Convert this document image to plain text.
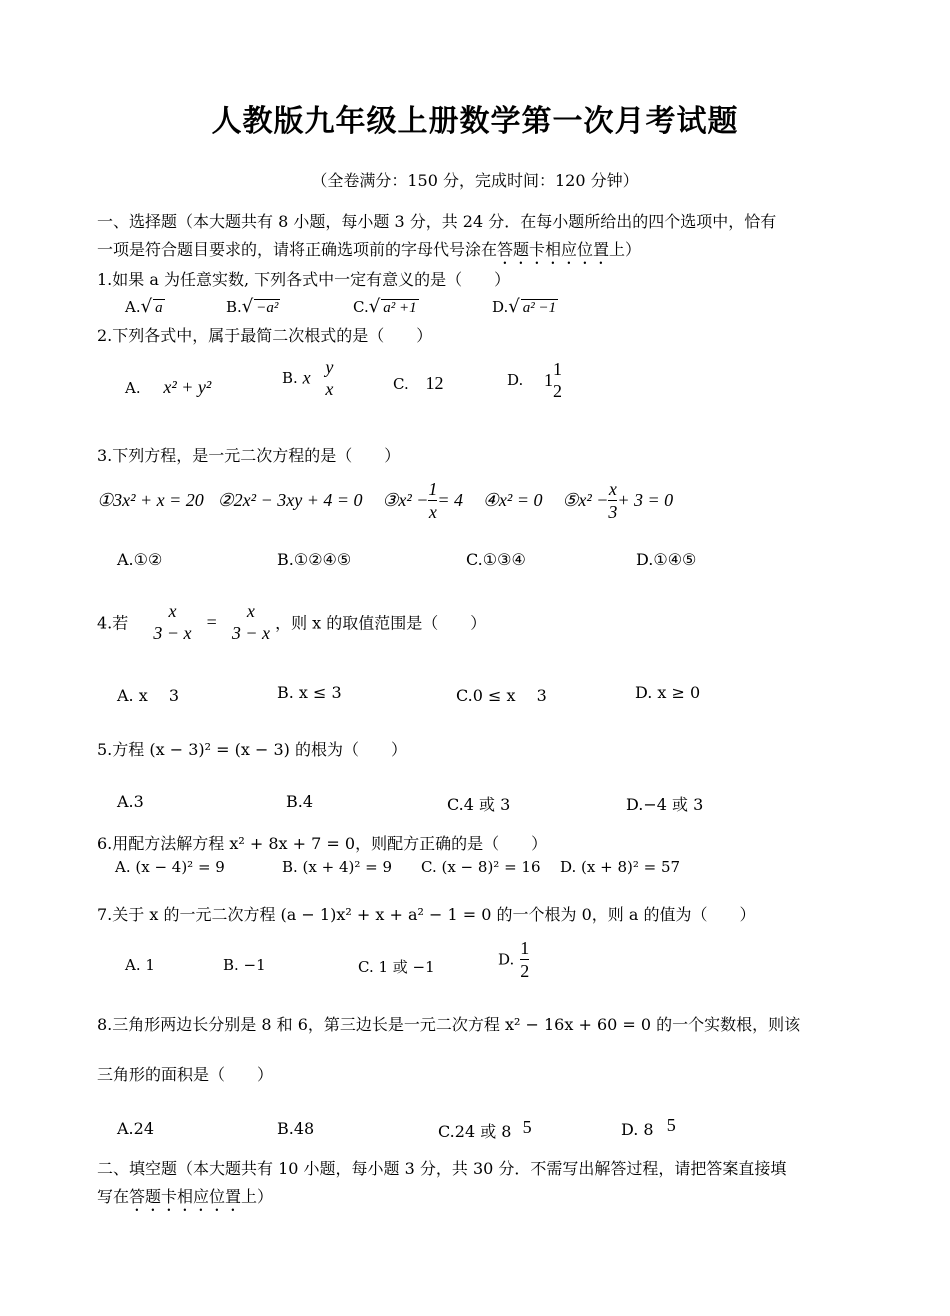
人教版九年级上册数学第一次月考试题
（全卷满分：150 分，完成时间：120 分钟）
一、选择题（本大题共有 8 小题，每小题 3 分，共 24 分．在每小题所给出的四个选项中，恰有
一项是符合题目要求的，请将正确选项前的字母代号涂在答题卡相应位置上）
1.如果 a 为任意实数, 下列各式中一定有意义的是（　　）
A.√ a	B.√ −a²	C.√ a² +1	D.√ a² −1
2.下列各式中，属于最简二次根式的是（　　）
A. x² + y²	B. x
y
x	C. 12	D. 1
1
2
3.下列方程，是一元二次方程的是（　　）
①3x² + x = 20 ②2x² − 3xy + 4 = 0 ③x² − $\frac{1}{x} = 4$ ④x² = 0 ⑤x² − $\frac{x}{3} + 3 = 0$
A.①②	B.①②④⑤	C.①③④	D.①④⑤
4.若
x
3 − x
=
x
3 − x ，则 x 的取值范围是（　　）
A. x　 3	B. x ≤ 3	C.0 ≤ x　 3	D. x ≥ 0
5.方程 (x − 3)² = (x − 3) 的根为（　　）
A.3	B.4	C.4 或 3	D.−4 或 3
6.用配方法解方程 x² + 8x + 7 = 0，则配方正确的是（　　）
A. (x − 4)² = 9	B. (x + 4)² = 9 C. (x − 8)² = 16 D. (x + 8)² = 57
7.关于 x 的一元二次方程 (a − 1)x² + x + a² − 1 = 0 的一个根为 0，则 a 的值为（　　）
A. 1	B. −1	C. 1 或 −1	D. $\frac{1}{2}$
8.三角形两边长分别是 8 和 6，第三边长是一元二次方程 x² − 16x + 60 = 0 的一个实数根，则该
三角形的面积是（　　）
A.24	B.48	C.24 或 8 5	D. 8 5
二、填空题（本大题共有 10 小题，每小题 3 分，共 30 分．不需写出解答过程，请把答案直接填
写在答题卡相应位置上）
